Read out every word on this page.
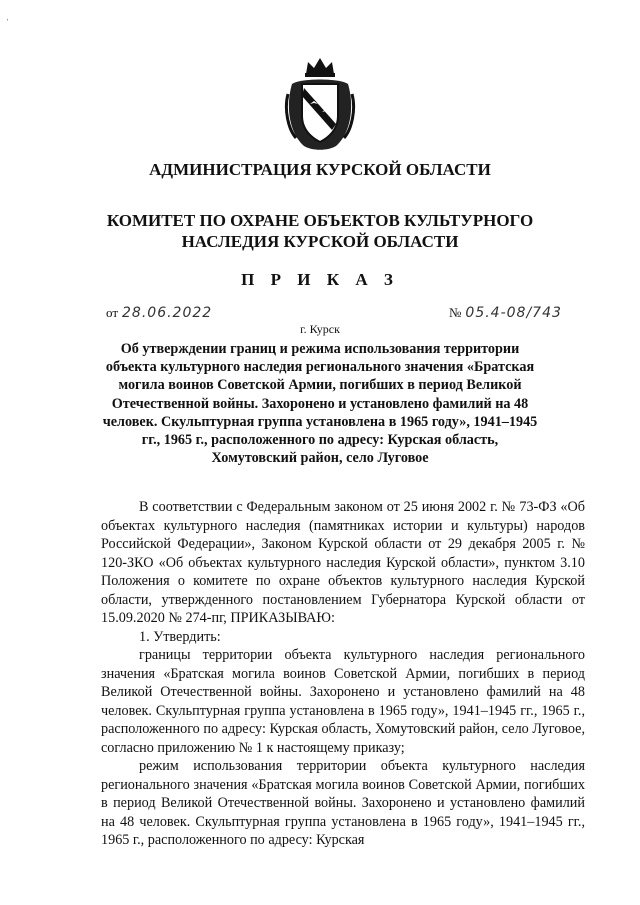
ˈ
АДМИНИСТРАЦИЯ КУРСКОЙ ОБЛАСТИ
КОМИТЕТ ПО ОХРАНЕ ОБЪЕКТОВ КУЛЬТУРНОГО НАСЛЕДИЯ КУРСКОЙ ОБЛАСТИ
П Р И К А З
от 28.06.2022	№ 05.4-08/743
г. Курск
Об утверждении границ и режима использования территории объекта культурного наследия регионального значения «Братская могила воинов Советской Армии, погибших в период Великой Отечественной войны. Захоронено и установлено фамилий на 48 человек. Скульптурная группа установлена в 1965 году», 1941–1945 гг., 1965 г., расположенного по адресу: Курская область, Хомутовский район, село Луговое

В соответствии с Федеральным законом от 25 июня 2002 г. № 73-ФЗ «Об объектах культурного наследия (памятниках истории и культуры) народов Российской Федерации», Законом Курской области от 29 декабря 2005 г. № 120-ЗКО «Об объектах культурного наследия Курской области», пунктом 3.10 Положения о комитете по охране объектов культурного наследия Курской области, утвержденного постановлением Губернатора Курской области от 15.09.2020 № 274-пг, ПРИКАЗЫВАЮ:

1. Утвердить:

границы территории объекта культурного наследия регионального значения «Братская могила воинов Советской Армии, погибших в период Великой Отечественной войны. Захоронено и установлено фамилий на 48 человек. Скульптурная группа установлена в 1965 году», 1941–1945 гг., 1965 г., расположенного по адресу: Курская область, Хомутовский район, село Луговое, согласно приложению № 1 к настоящему приказу;

режим использования территории объекта культурного наследия регионального значения «Братская могила воинов Советской Армии, погибших в период Великой Отечественной войны. Захоронено и установлено фамилий на 48 человек. Скульптурная группа установлена в 1965 году», 1941–1945 гг., 1965 г., расположенного по адресу: Курская
